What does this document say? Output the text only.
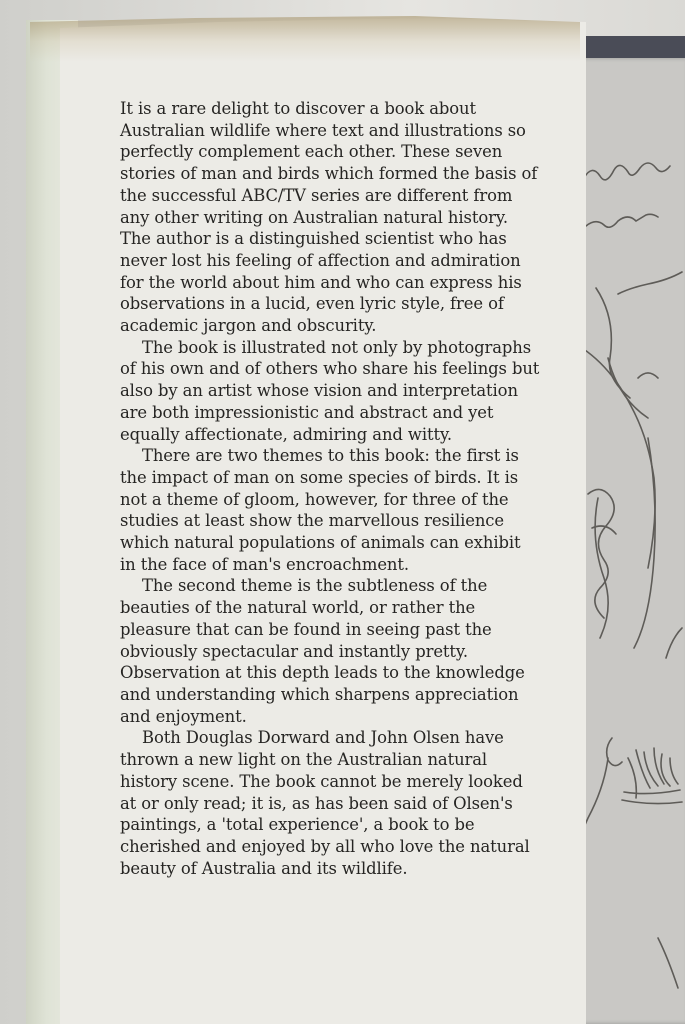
It is a rare delight to discover a book about Australian wildlife where text and illustrations so perfectly complement each other. These seven stories of man and birds which formed the basis of the successful ABC/TV series are different from any other writing on Australian natural history. The author is a distinguished scientist who has never lost his feeling of affection and admiration for the world about him and who can express his observations in a lucid, even lyric style, free of academic jargon and obscurity.

The book is illustrated not only by photographs of his own and of others who share his feelings but also by an artist whose vision and interpretation are both impressionistic and abstract and yet equally affectionate, admiring and witty.

There are two themes to this book: the first is the impact of man on some species of birds. It is not a theme of gloom, however, for three of the studies at least show the marvellous resilience which natural populations of animals can exhibit in the face of man's encroachment.

The second theme is the subtleness of the beauties of the natural world, or rather the pleasure that can be found in seeing past the obviously spectacular and instantly pretty. Observation at this depth leads to the knowledge and understanding which sharpens appreciation and enjoyment.

Both Douglas Dorward and John Olsen have thrown a new light on the Australian natural history scene. The book cannot be merely looked at or only read; it is, as has been said of Olsen's paintings, a 'total experience', a book to be cherished and enjoyed by all who love the natural beauty of Australia and its wildlife.
